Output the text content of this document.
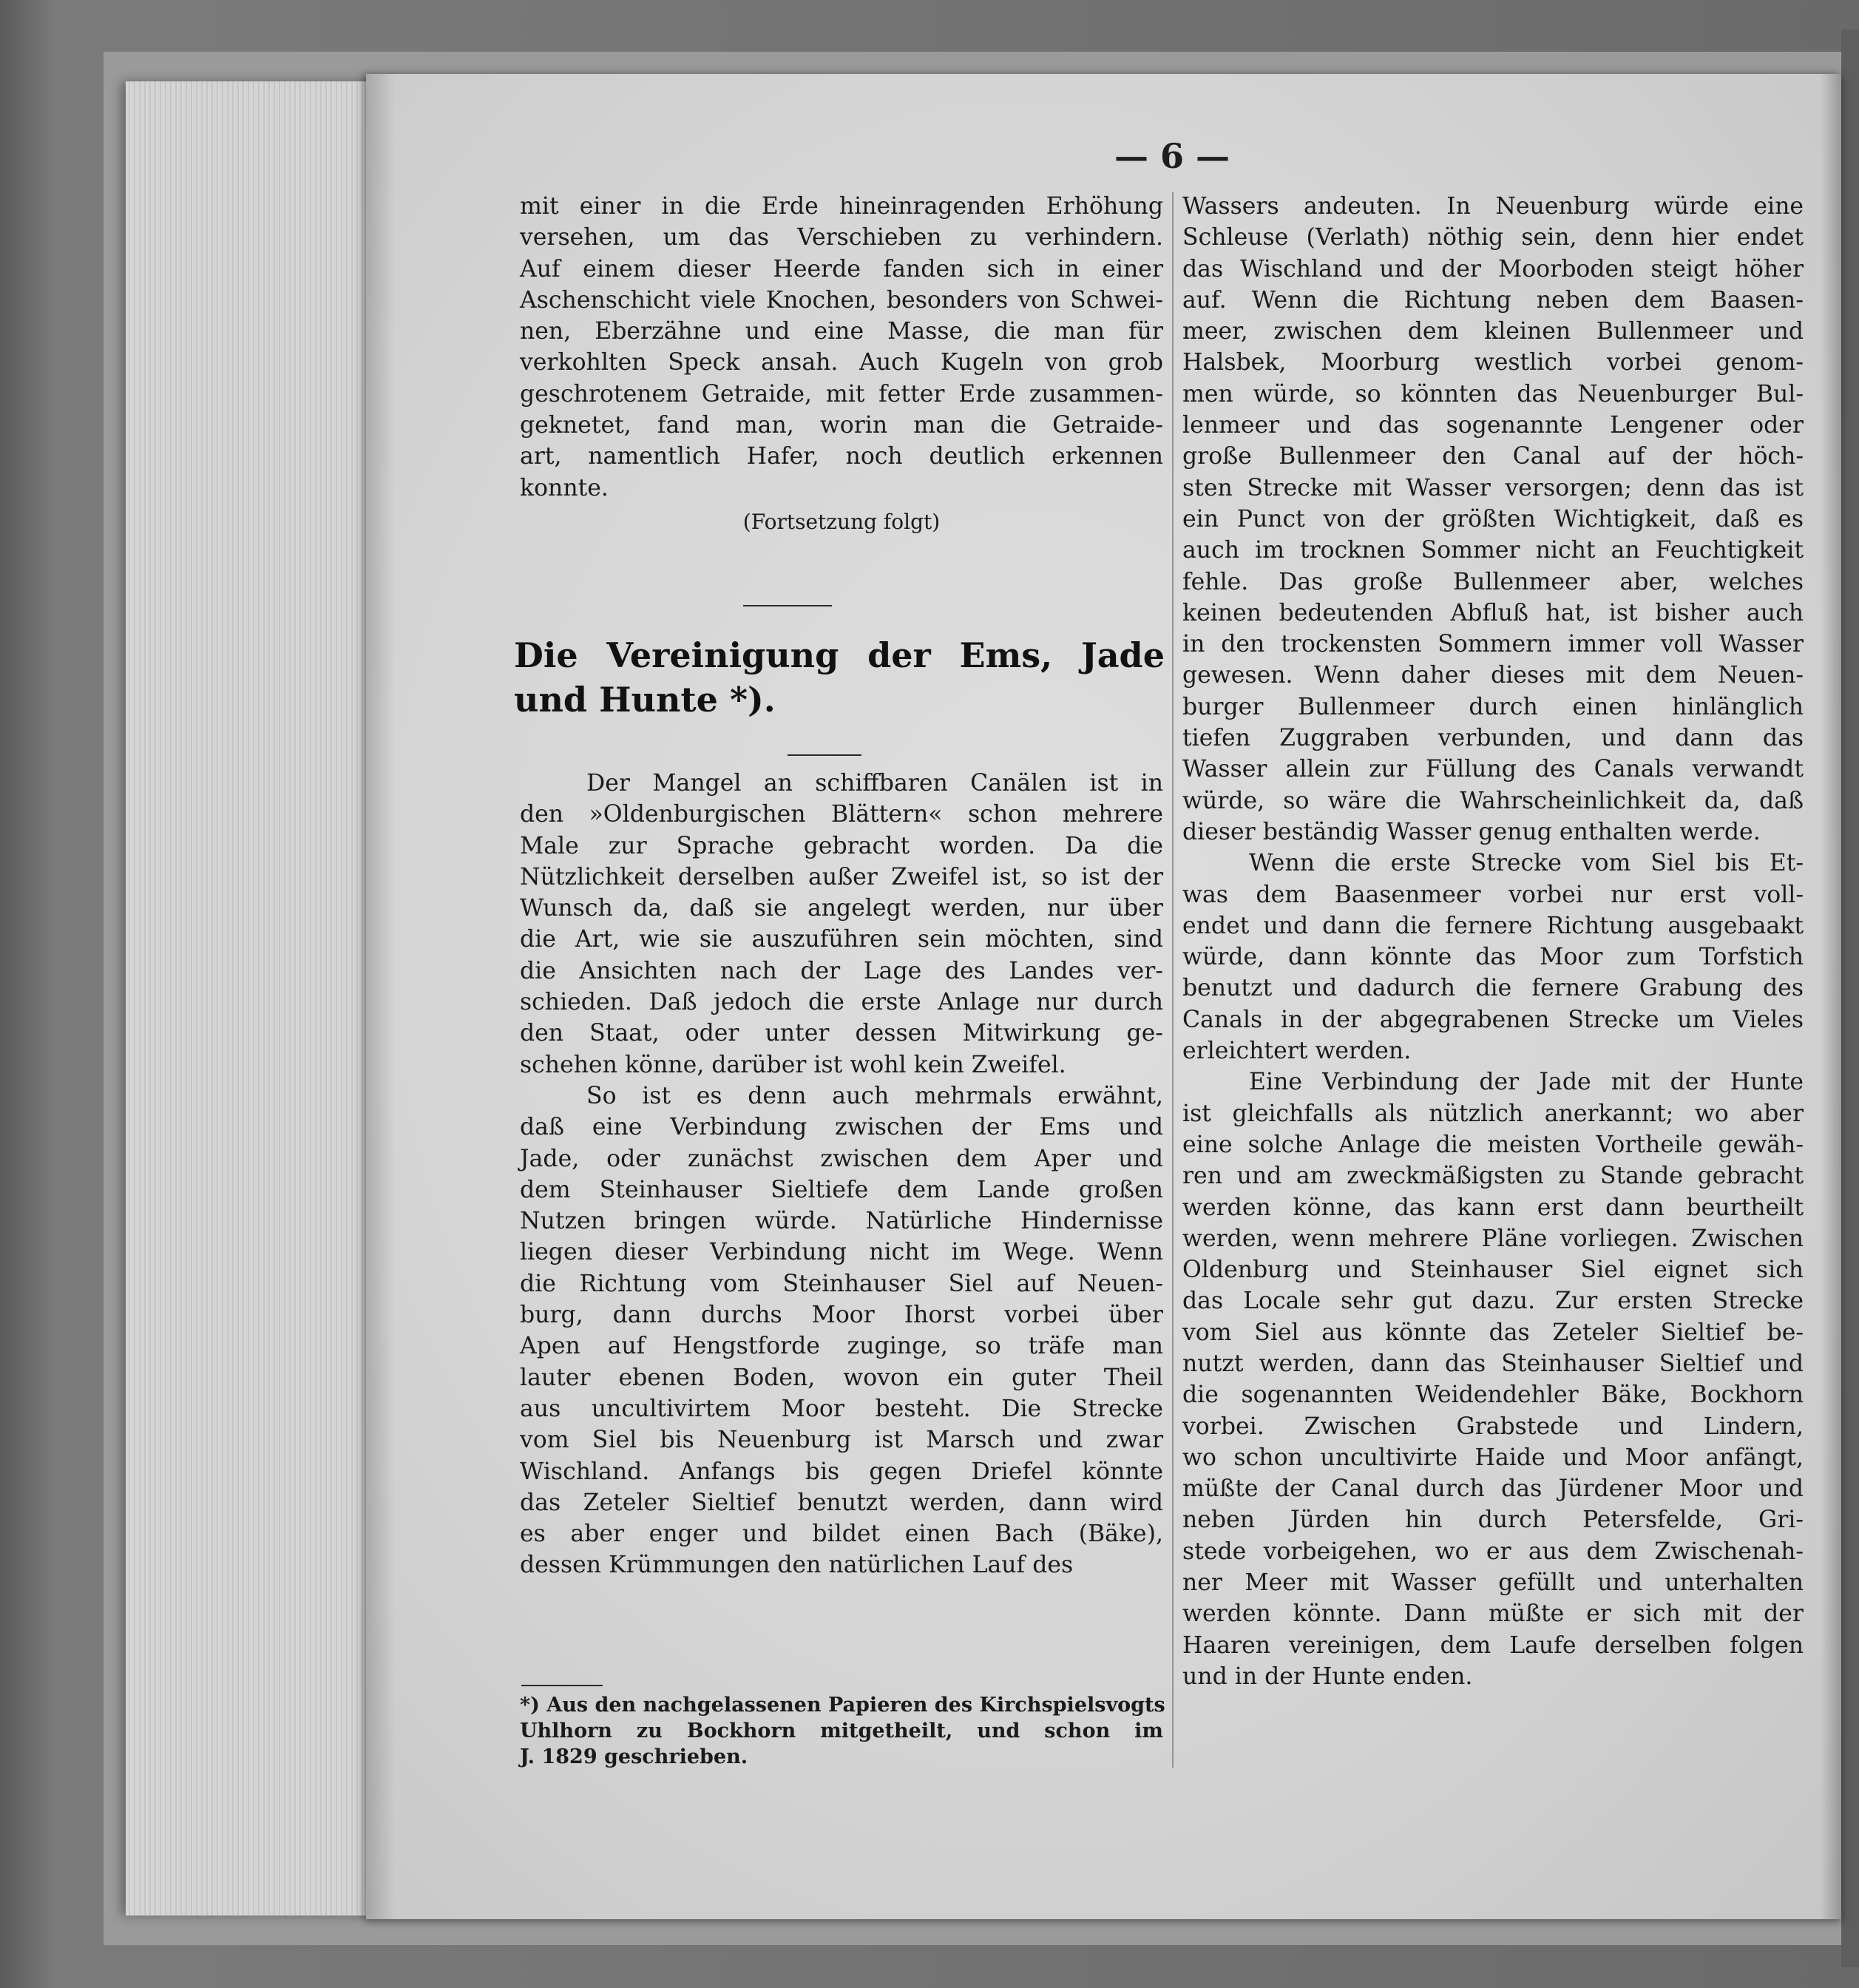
— 6 —
mit einer in die Erde hineinragenden Erhöhung
versehen, um das Verschieben zu verhindern.
Auf einem dieser Heerde fanden sich in einer
Aschenschicht viele Knochen, besonders von Schwei-
nen, Eberzähne und eine Masse, die man für
verkohlten Speck ansah. Auch Kugeln von grob
geschrotenem Getraide, mit fetter Erde zusammen-
geknetet, fand man, worin man die Getraide-
art, namentlich Hafer, noch deutlich erkennen
konnte.
(Fortsetzung folgt)
Die Vereinigung der Ems, Jade
und Hunte *).
Der Mangel an schiffbaren Canälen ist in
den »Oldenburgischen Blättern« schon mehrere
Male zur Sprache gebracht worden. Da die
Nützlichkeit derselben außer Zweifel ist, so ist der
Wunsch da, daß sie angelegt werden, nur über
die Art, wie sie auszuführen sein möchten, sind
die Ansichten nach der Lage des Landes ver-
schieden. Daß jedoch die erste Anlage nur durch
den Staat, oder unter dessen Mitwirkung ge-
schehen könne, darüber ist wohl kein Zweifel.
So ist es denn auch mehrmals erwähnt,
daß eine Verbindung zwischen der Ems und
Jade, oder zunächst zwischen dem Aper und
dem Steinhauser Sieltiefe dem Lande großen
Nutzen bringen würde. Natürliche Hindernisse
liegen dieser Verbindung nicht im Wege. Wenn
die Richtung vom Steinhauser Siel auf Neuen-
burg, dann durchs Moor Ihorst vorbei über
Apen auf Hengstforde zuginge, so träfe man
lauter ebenen Boden, wovon ein guter Theil
aus uncultivirtem Moor besteht. Die Strecke
vom Siel bis Neuenburg ist Marsch und zwar
Wischland. Anfangs bis gegen Driefel könnte
das Zeteler Sieltief benutzt werden, dann wird
es aber enger und bildet einen Bach (Bäke),
dessen Krümmungen den natürlichen Lauf des
*) Aus den nachgelassenen Papieren des Kirchspielsvogts
Uhlhorn zu Bockhorn mitgetheilt, und schon im
J. 1829 geschrieben.
Wassers andeuten. In Neuenburg würde eine
Schleuse (Verlath) nöthig sein, denn hier endet
das Wischland und der Moorboden steigt höher
auf. Wenn die Richtung neben dem Baasen-
meer, zwischen dem kleinen Bullenmeer und
Halsbek, Moorburg westlich vorbei genom-
men würde, so könnten das Neuenburger Bul-
lenmeer und das sogenannte Lengener oder
große Bullenmeer den Canal auf der höch-
sten Strecke mit Wasser versorgen; denn das ist
ein Punct von der größten Wichtigkeit, daß es
auch im trocknen Sommer nicht an Feuchtigkeit
fehle. Das große Bullenmeer aber, welches
keinen bedeutenden Abfluß hat, ist bisher auch
in den trockensten Sommern immer voll Wasser
gewesen. Wenn daher dieses mit dem Neuen-
burger Bullenmeer durch einen hinlänglich
tiefen Zuggraben verbunden, und dann das
Wasser allein zur Füllung des Canals verwandt
würde, so wäre die Wahrscheinlichkeit da, daß
dieser beständig Wasser genug enthalten werde.
Wenn die erste Strecke vom Siel bis Et-
was dem Baasenmeer vorbei nur erst voll-
endet und dann die fernere Richtung ausgebaakt
würde, dann könnte das Moor zum Torfstich
benutzt und dadurch die fernere Grabung des
Canals in der abgegrabenen Strecke um Vieles
erleichtert werden.
Eine Verbindung der Jade mit der Hunte
ist gleichfalls als nützlich anerkannt; wo aber
eine solche Anlage die meisten Vortheile gewäh-
ren und am zweckmäßigsten zu Stande gebracht
werden könne, das kann erst dann beurtheilt
werden, wenn mehrere Pläne vorliegen. Zwischen
Oldenburg und Steinhauser Siel eignet sich
das Locale sehr gut dazu. Zur ersten Strecke
vom Siel aus könnte das Zeteler Sieltief be-
nutzt werden, dann das Steinhauser Sieltief und
die sogenannten Weidendehler Bäke, Bockhorn
vorbei. Zwischen Grabstede und Lindern,
wo schon uncultivirte Haide und Moor anfängt,
müßte der Canal durch das Jürdener Moor und
neben Jürden hin durch Petersfelde, Gri-
stede vorbeigehen, wo er aus dem Zwischenah-
ner Meer mit Wasser gefüllt und unterhalten
werden könnte. Dann müßte er sich mit der
Haaren vereinigen, dem Laufe derselben folgen
und in der Hunte enden.
